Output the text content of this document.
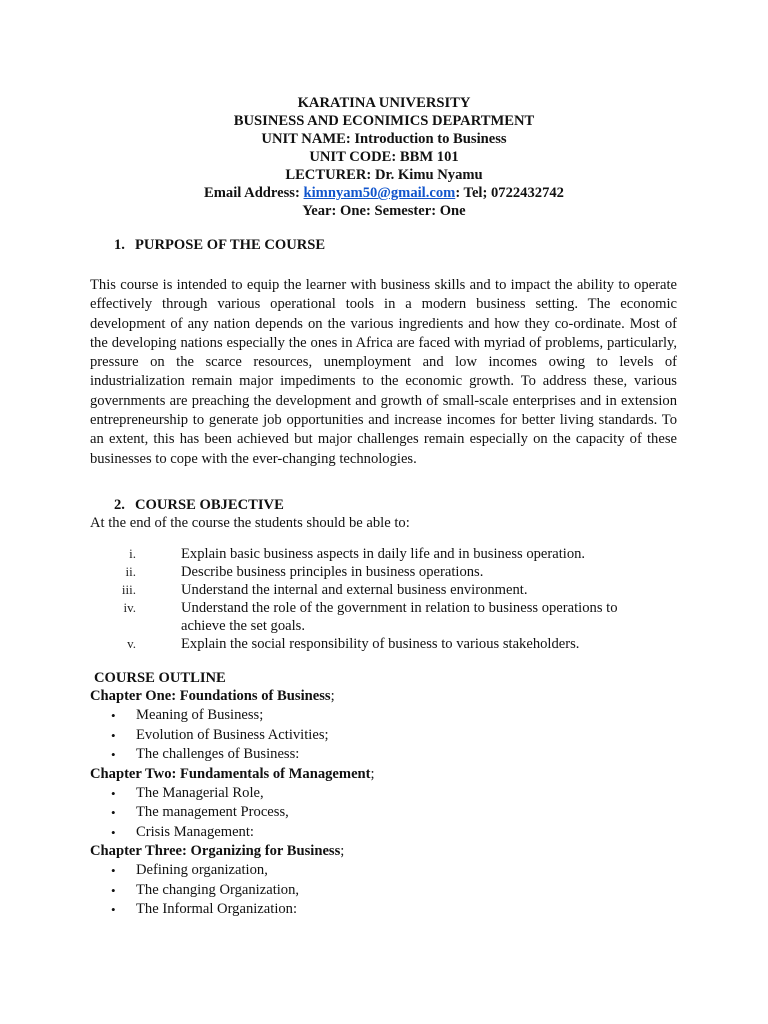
KARATINA UNIVERSITY
BUSINESS AND ECONIMICS DEPARTMENT
UNIT NAME: Introduction to Business
UNIT CODE: BBM 101
LECTURER: Dr. Kimu Nyamu
Email Address: kimnyam50@gmail.com: Tel; 0722432742
Year: One: Semester: One
1. PURPOSE OF THE COURSE
This course is intended to equip the learner with business skills and to impact the ability to operate effectively through various operational tools in a modern business setting. The economic development of any nation depends on the various ingredients and how they co-ordinate. Most of the developing nations especially the ones in Africa are faced with myriad of problems, particularly, pressure on the scarce resources, unemployment and low incomes owing to levels of industrialization remain major impediments to the economic growth. To address these, various governments are preaching the development and growth of small-scale enterprises and in extension entrepreneurship to generate job opportunities and increase incomes for better living standards. To an extent, this has been achieved but major challenges remain especially on the capacity of these businesses to cope with the ever-changing technologies.
2. COURSE OBJECTIVE
At the end of the course the students should be able to:
i.	Explain basic business aspects in daily life and in business operation.
ii.	Describe business principles in business operations.
iii.	Understand the internal and external business environment.
iv.	Understand the role of the government in relation to business operations to achieve the set goals.
v.	Explain the social responsibility of business to various stakeholders.
COURSE OUTLINE
Chapter One: Foundations of Business;
• Meaning of Business;
• Evolution of Business Activities;
• The challenges of Business:
Chapter Two: Fundamentals of Management;
• The Managerial Role,
• The management Process,
• Crisis Management:
Chapter Three: Organizing for Business;
• Defining organization,
• The changing Organization,
• The Informal Organization:
